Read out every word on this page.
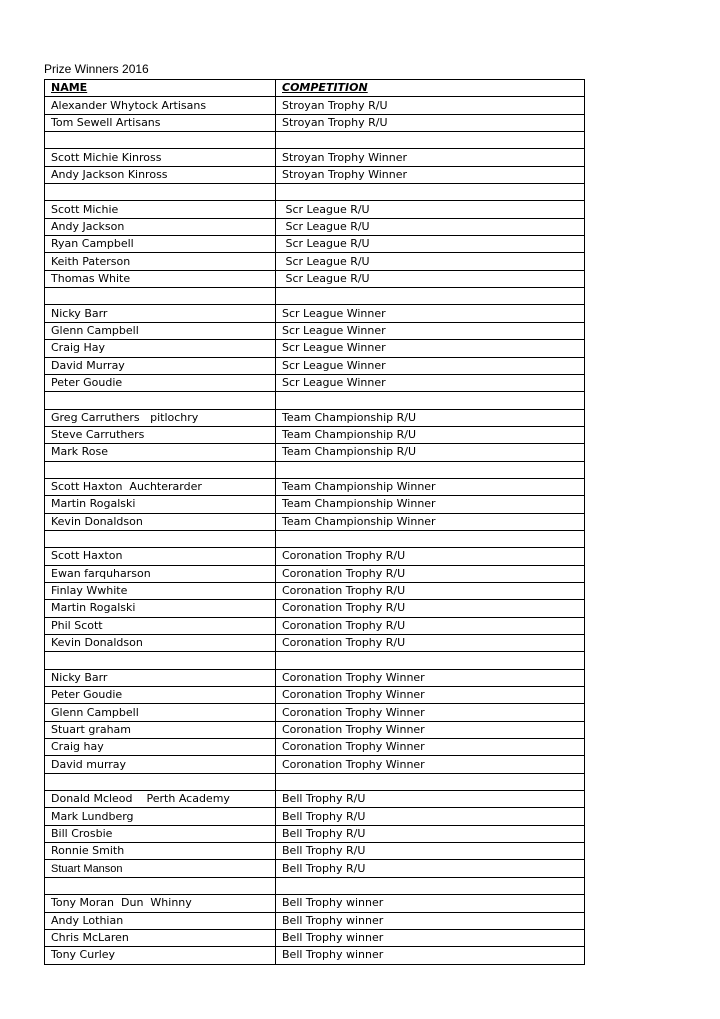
Prize Winners 2016
NAME	COMPETITION
Alexander Whytock Artisans	Stroyan Trophy R/U
Tom Sewell Artisans	Stroyan Trophy R/U

Scott Michie Kinross	Stroyan Trophy Winner
Andy Jackson Kinross	Stroyan Trophy Winner

Scott Michie	Scr League R/U
Andy Jackson	Scr League R/U
Ryan Campbell	Scr League R/U
Keith Paterson	Scr League R/U
Thomas White	Scr League R/U

Nicky Barr	Scr League Winner
Glenn Campbell	Scr League Winner
Craig Hay	Scr League Winner
David Murray	Scr League Winner
Peter Goudie	Scr League Winner

Greg Carruthers   pitlochry	Team Championship R/U
Steve Carruthers	Team Championship R/U
Mark Rose	Team Championship R/U

Scott Haxton  Auchterarder	Team Championship Winner
Martin Rogalski	Team Championship Winner
Kevin Donaldson	Team Championship Winner

Scott Haxton	Coronation Trophy R/U
Ewan farquharson	Coronation Trophy R/U
Finlay Wwhite	Coronation Trophy R/U
Martin Rogalski	Coronation Trophy R/U
Phil Scott	Coronation Trophy R/U
Kevin Donaldson	Coronation Trophy R/U

Nicky Barr	Coronation Trophy Winner
Peter Goudie	Coronation Trophy Winner
Glenn Campbell	Coronation Trophy Winner
Stuart graham	Coronation Trophy Winner
Craig hay	Coronation Trophy Winner
David murray	Coronation Trophy Winner

Donald Mcleod    Perth Academy	Bell Trophy R/U
Mark Lundberg	Bell Trophy R/U
Bill Crosbie	Bell Trophy R/U
Ronnie Smith	Bell Trophy R/U
Stuart Manson	Bell Trophy R/U

Tony Moran  Dun  Whinny	Bell Trophy winner
Andy Lothian	Bell Trophy winner
Chris McLaren	Bell Trophy winner
Tony Curley	Bell Trophy winner
